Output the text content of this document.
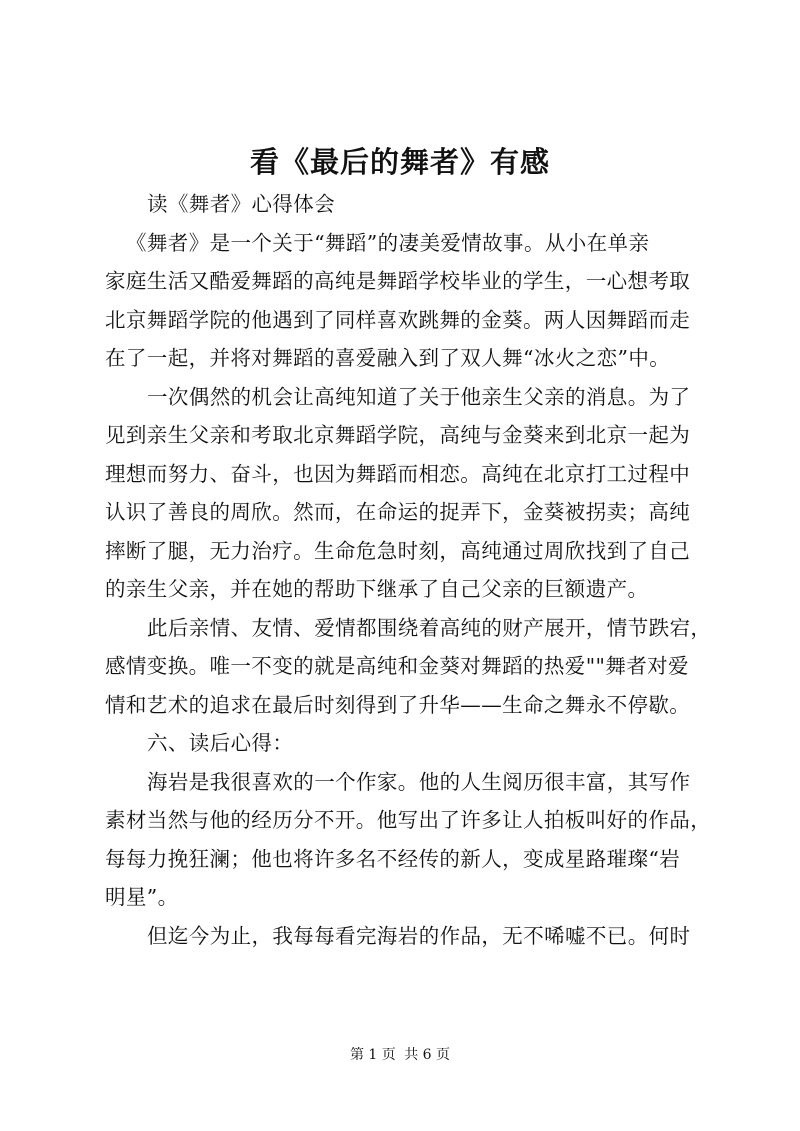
看《最后的舞者》有感

读《舞者》心得体会

《舞者》是一个关于“舞蹈”的凄美爱情故事。从小在单亲

家庭生活又酷爱舞蹈的高纯是舞蹈学校毕业的学生，一心想考取

北京舞蹈学院的他遇到了同样喜欢跳舞的金葵。两人因舞蹈而走

在了一起，并将对舞蹈的喜爱融入到了双人舞“冰火之恋”中。

一次偶然的机会让高纯知道了关于他亲生父亲的消息。为了

见到亲生父亲和考取北京舞蹈学院，高纯与金葵来到北京一起为

理想而努力、奋斗，也因为舞蹈而相恋。高纯在北京打工过程中

认识了善良的周欣。然而，在命运的捉弄下，金葵被拐卖；高纯

摔断了腿，无力治疗。生命危急时刻，高纯通过周欣找到了自己

的亲生父亲，并在她的帮助下继承了自己父亲的巨额遗产。

此后亲情、友情、爱情都围绕着高纯的财产展开，情节跌宕，

感情变换。唯一不变的就是高纯和金葵对舞蹈的热爱""舞者对爱

情和艺术的追求在最后时刻得到了升华——生命之舞永不停歇。

六、读后心得：

海岩是我很喜欢的一个作家。他的人生阅历很丰富，其写作

素材当然与他的经历分不开。他写出了许多让人拍板叫好的作品，

每每力挽狂澜；他也将许多名不经传的新人，变成星路璀璨“岩

明星”。

但迄今为止，我每每看完海岩的作品，无不唏嘘不已。何时

第 1 页 共 6 页
